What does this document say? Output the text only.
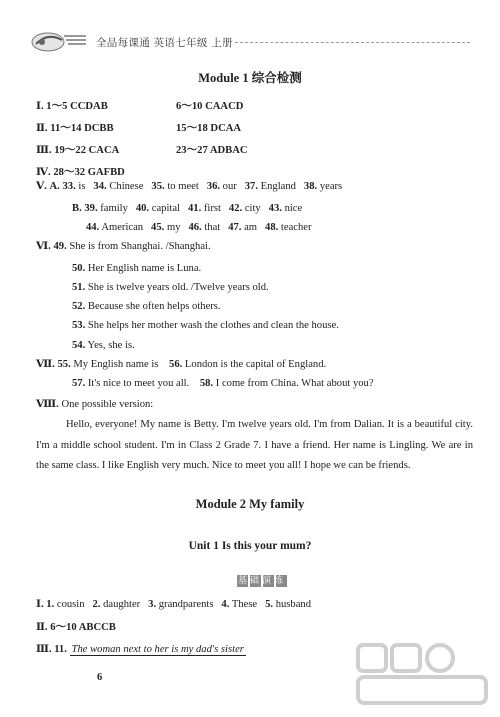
全品每课通 英语七年级 上册
Module 1 综合检测
Ⅰ. 1～5 CCDAB	6～10 CAACD
Ⅱ. 11～14 DCBB	15～18 DCAA
Ⅲ. 19～22 CACA	23～27 ADBAC
Ⅳ. 28～32 GAFBD
Ⅴ. A. 33. is 34. Chinese 35. to meet 36. our 37. England 38. years
B. 39. family 40. capital 41. first 42. city 43. nice
44. American 45. my 46. that 47. am 48. teacher
Ⅵ. 49. She is from Shanghai. /Shanghai.
50. Her English name is Luna.
51. She is twelve years old. /Twelve years old.
52. Because she often helps others.
53. She helps her mother wash the clothes and clean the house.
54. Yes, she is.
Ⅶ. 55. My English name is 56. London is the capital of England.
57. It's nice to meet you all. 58. I come from China. What about you?
Ⅷ. One possible version:
Hello, everyone! My name is Betty. I'm twelve years old. I'm from Dalian. It is a beautiful city. I'm a middle school student. I'm in Class 2 Grade 7. I have a friend. Her name is Lingling. We are in the same class. I like English very much. Nice to meet you all! I hope we can be friends.
Module 2 My family
Unit 1 Is this your mum?
基础演练
Ⅰ. 1. cousin 2. daughter 3. grandparents 4. These 5. husband
Ⅱ. 6～10 ABCCB
Ⅲ. 11. The woman next to her is my dad's sister
6
